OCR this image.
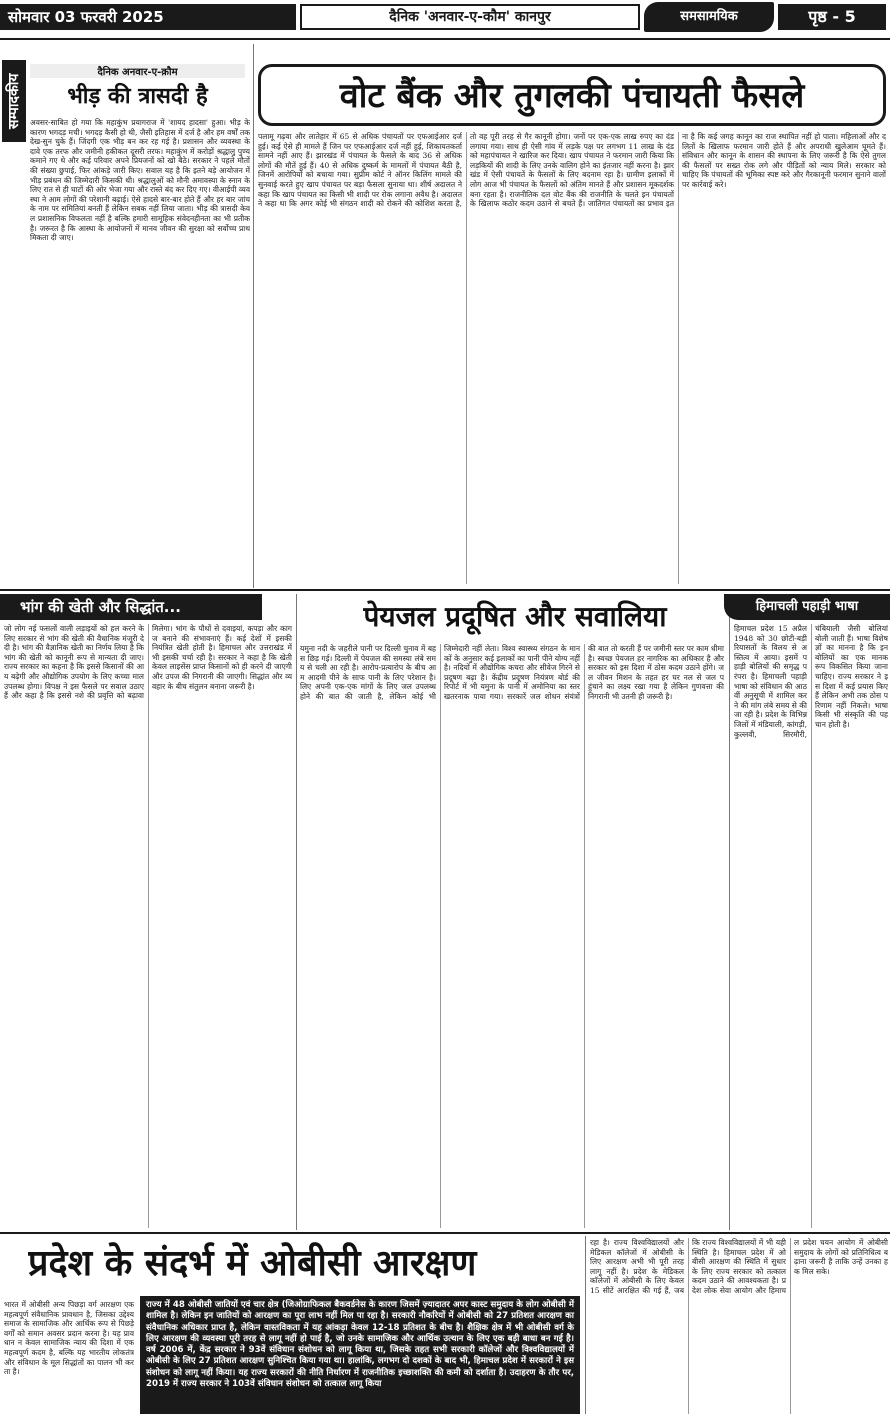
सोमवार 03 फरवरी 2025	दैनिक 'अनवार-ए-कौम' कानपुर	समसामयिक	पृष्ठ - 5
सम्पादकीय
दैनिक अनवार-ए-क़ौम
भीड़ की त्रासदी है
अवसर-साबित हो गया कि महाकुंभ प्रयागराज में 'शायद हादसा' हुआ। भीड़ के कारण भगदड़ मची। भगदड़ कैसी हो थी, जैसी इतिहास में दर्ज है और हम वर्षों तक देख-सुन चुके हैं। जिंदगी एक भीड़ बन कर रह गई है। प्रशासन और व्यवस्था के दावे एक तरफ और जमीनी हकीकत दूसरी तरफ। महाकुंभ में करोड़ों श्रद्धालु पुण्य कमाने गए थे और कई परिवार अपने प्रियजनों को खो बैठे। सरकार ने पहले मौतों की संख्या छुपाई, फिर आंकड़े जारी किए। सवाल यह है कि इतने बड़े आयोजन में भीड़ प्रबंधन की जिम्मेदारी किसकी थी। श्रद्धालुओं को मौनी अमावस्या के स्नान के लिए रात से ही घाटों की ओर भेजा गया और रास्ते बंद कर दिए गए। वीआईपी व्यवस्था ने आम लोगों की परेशानी बढ़ाई। ऐसे हादसे बार-बार होते हैं और हर बार जांच के नाम पर समितियां बनती हैं लेकिन सबक नहीं लिया जाता। भीड़ की त्रासदी केवल प्रशासनिक विफलता नहीं है बल्कि हमारी सामूहिक संवेदनहीनता का भी प्रतीक है। जरूरत है कि आस्था के आयोजनों में मानव जीवन की सुरक्षा को सर्वोच्च प्राथमिकता दी जाए।
वोट बैंक और तुगलकी पंचायती फैसले
पलामू गढ़वा और लातेहार में 65 से अधिक पंचायतों पर एफआईआर दर्ज हुई। कई ऐसे ही मामले हैं जिन पर एफआईआर दर्ज नहीं हुई, शिकायतकर्ता सामने नहीं आए हैं। झारखंड में पंचायत के फैसले के बाद 36 से अधिक लोगों की मौतें हुई हैं। 40 से अधिक दुष्कर्म के मामलों में पंचायत बैठी है, जिनमें आरोपियों को बचाया गया। सुप्रीम कोर्ट ने ऑनर किलिंग मामले की सुनवाई करते हुए खाप पंचायत पर बड़ा फैसला सुनाया था। शीर्ष अदालत ने कहा कि खाप पंचायत का किसी भी शादी पर रोक लगाना अवैध है। अदालत ने कहा था कि अगर कोई भी संगठन शादी को रोकने की कोशिश करता है, तो वह पूरी तरह से गैर कानूनी होगा। जनों पर एक-एक लाख रुपए का दंड लगाया गया। साथ ही ऐसी गांव में लड़के पक्ष पर लगभग 11 लाख के दंड को महापंचायत ने खारिज कर दिया। खाप पंचायत ने फरमान जारी किया कि लड़कियों की शादी के लिए उनके वालिग होने का इंतजार नहीं करना है। झारखंड में ऐसी पंचायतें के फैसलों के लिए बदनाम रहा है। ग्रामीण इलाकों में लोग आज भी पंचायत के फैसलों को अंतिम मानते हैं और प्रशासन मूकदर्शक बना रहता है। राजनीतिक दल वोट बैंक की राजनीति के चलते इन पंचायतों के खिलाफ कठोर कदम उठाने से बचते हैं। जातिगत पंचायतों का प्रभाव इतना है कि कई जगह कानून का राज स्थापित नहीं हो पाता। महिलाओं और दलितों के खिलाफ फरमान जारी होते हैं और अपराधी खुलेआम घूमते हैं। संविधान और कानून के शासन की स्थापना के लिए जरूरी है कि ऐसे तुगलकी फैसलों पर सख्त रोक लगे और पीड़ितों को न्याय मिले। सरकार को चाहिए कि पंचायतों की भूमिका स्पष्ट करे और गैरकानूनी फरमान सुनाने वालों पर कार्रवाई करे।
भांग की खेती और सिद्धांत...
जो लोग नई फसलों वाली लड़ाइयों को हल करने के लिए सरकार से भांग की खेती की वैधानिक मंजूरी दे दी है। भांग की वैज्ञानिक खेती का निर्णय लिया है कि भांग की खेती को कानूनी रूप से मान्यता दी जाए। राज्य सरकार का कहना है कि इससे किसानों की आय बढ़ेगी और औद्योगिक उपयोग के लिए कच्चा माल उपलब्ध होगा। विपक्ष ने इस फैसले पर सवाल उठाए हैं और कहा है कि इससे नशे की प्रवृत्ति को बढ़ावा मिलेगा। भांग के पौधों से दवाइयां, कपड़ा और कागज बनाने की संभावनाएं हैं। कई देशों में इसकी नियंत्रित खेती होती है। हिमाचल और उत्तराखंड में भी इसकी चर्चा रही है। सरकार ने कहा है कि खेती केवल लाइसेंस प्राप्त किसानों को ही करने दी जाएगी और उपज की निगरानी की जाएगी। सिद्धांत और व्यवहार के बीच संतुलन बनाना जरूरी है।
पेयजल प्रदूषित और सवालिया
यमुना नदी के जहरीले पानी पर दिल्ली चुनाव में बहस छिड़ गई। दिल्ली में पेयजल की समस्या लंबे समय से चली आ रही है। आरोप-प्रत्यारोप के बीच आम आदमी पीने के साफ पानी के लिए परेशान है। लिए अपनी एक-एक मांगों के लिए जल उपलब्ध होने की बात की जाती है, लेकिन कोई भी जिम्मेदारी नहीं लेता। विश्व स्वास्थ्य संगठन के मानकों के अनुसार कई इलाकों का पानी पीने योग्य नहीं है। नदियों में औद्योगिक कचरा और सीवेज गिरने से प्रदूषण बढ़ा है। केंद्रीय प्रदूषण नियंत्रण बोर्ड की रिपोर्ट में भी यमुना के पानी में अमोनिया का स्तर खतरनाक पाया गया। सरकारें जल शोधन संयंत्रों की बात तो करती हैं पर जमीनी स्तर पर काम धीमा है। स्वच्छ पेयजल हर नागरिक का अधिकार है और सरकार को इस दिशा में ठोस कदम उठाने होंगे। जल जीवन मिशन के तहत हर घर नल से जल पहुंचाने का लक्ष्य रखा गया है लेकिन गुणवत्ता की निगरानी भी उतनी ही जरूरी है।
हिमाचली पहाड़ी भाषा
हिमाचल प्रदेश 15 अप्रैल 1948 को 30 छोटी-बड़ी रियासतों के विलय से अस्तित्व में आया। इसमें पहाड़ी बोलियों की समृद्ध परंपरा है। हिमाचली पहाड़ी भाषा को संविधान की आठवीं अनुसूची में शामिल करने की मांग लंबे समय से की जा रही है। प्रदेश के विभिन्न जिलों में मंडियाली, कांगड़ी, कुल्लवी, सिरमौरी, चंबियाली जैसी बोलियां बोली जाती हैं। भाषा विशेषज्ञों का मानना है कि इन बोलियों का एक मानक रूप विकसित किया जाना चाहिए। राज्य सरकार ने इस दिशा में कई प्रयास किए हैं लेकिन अभी तक ठोस परिणाम नहीं निकले। भाषा किसी भी संस्कृति की पहचान होती है।
प्रदेश के संदर्भ में ओबीसी आरक्षण
भारत में ओबीसी अन्य पिछड़ा वर्ग आरक्षण एक महत्वपूर्ण संवैधानिक प्रावधान है, जिसका उद्देश्य समाज के सामाजिक और आर्थिक रूप से पिछड़े वर्गों को समान अवसर प्रदान करना है। यह प्रावधान न केवल सामाजिक न्याय की दिशा में एक महत्वपूर्ण कदम है, बल्कि यह भारतीय लोकतंत्र और संविधान के मूल सिद्धांतों का पालन भी करता है।
राज्य में 48 ओबीसी जातियों एवं चार क्षेत्र (जिओग्राफिकल बैकवर्डनेस के कारण जिसमें ज़्यादातर अपर कास्ट समुदाय के लोग ओबीसी में शामिल है। लेकिन इन जातियों को आरक्षण का पूरा लाभ नहीं मिल पा रहा है। सरकारी नौकरियों में ओबीसी को 27 प्रतिशत आरक्षण का संवैधानिक अधिकार प्राप्त है, लेकिन वास्तविकता में यह आंकड़ा केवल 12-18 प्रतिशत के बीच है। शैक्षिक क्षेत्र में भी ओबीसी वर्ग के लिए आरक्षण की व्यवस्था पूरी तरह से लागू नहीं हो पाई है, जो उनके सामाजिक और आर्थिक उत्थान के लिए एक बड़ी बाधा बन गई है। वर्ष 2006 में, केंद्र सरकार ने 93वें संविधान संशोधन को लागू किया था, जिसके तहत सभी सरकारी कॉलेजों और विश्वविद्यालयों में ओबीसी के लिए 27 प्रतिशत आरक्षण सुनिश्चित किया गया था। हालांकि, लगभग दो दशकों के बाद भी, हिमाचल प्रदेश में सरकारों ने इस संशोधन को लागू नहीं किया। यह राज्य सरकारों की नीति निर्धारण में राजनीतिक इच्छाशक्ति की कमी को दर्शाता है। उदाहरण के तौर पर, 2019 में राज्य सरकार ने 103वें संविधान संशोधन को तत्काल लागू किया
रहा है। राज्य विश्वविद्यालयों और मेडिकल कॉलेजों में ओबीसी के लिए आरक्षण अभी भी पूरी तरह लागू नहीं है। प्रदेश के मेडिकल कॉलेजों में ओबीसी के लिए केवल 15 सीटें आरक्षित की गई हैं, जबकि राज्य विश्वविद्यालयों में भी यही स्थिति है। हिमाचल प्रदेश में ओबीसी आरक्षण की स्थिति में सुधार के लिए राज्य सरकार को तत्काल कदम उठाने की आवश्यकता है। प्रदेश लोक सेवा आयोग और हिमाचल प्रदेश चयन आयोग में ओबीसी समुदाय के लोगों को प्रतिनिधित्व बढ़ाना जरूरी है ताकि उन्हें उनका हक मिल सके।
